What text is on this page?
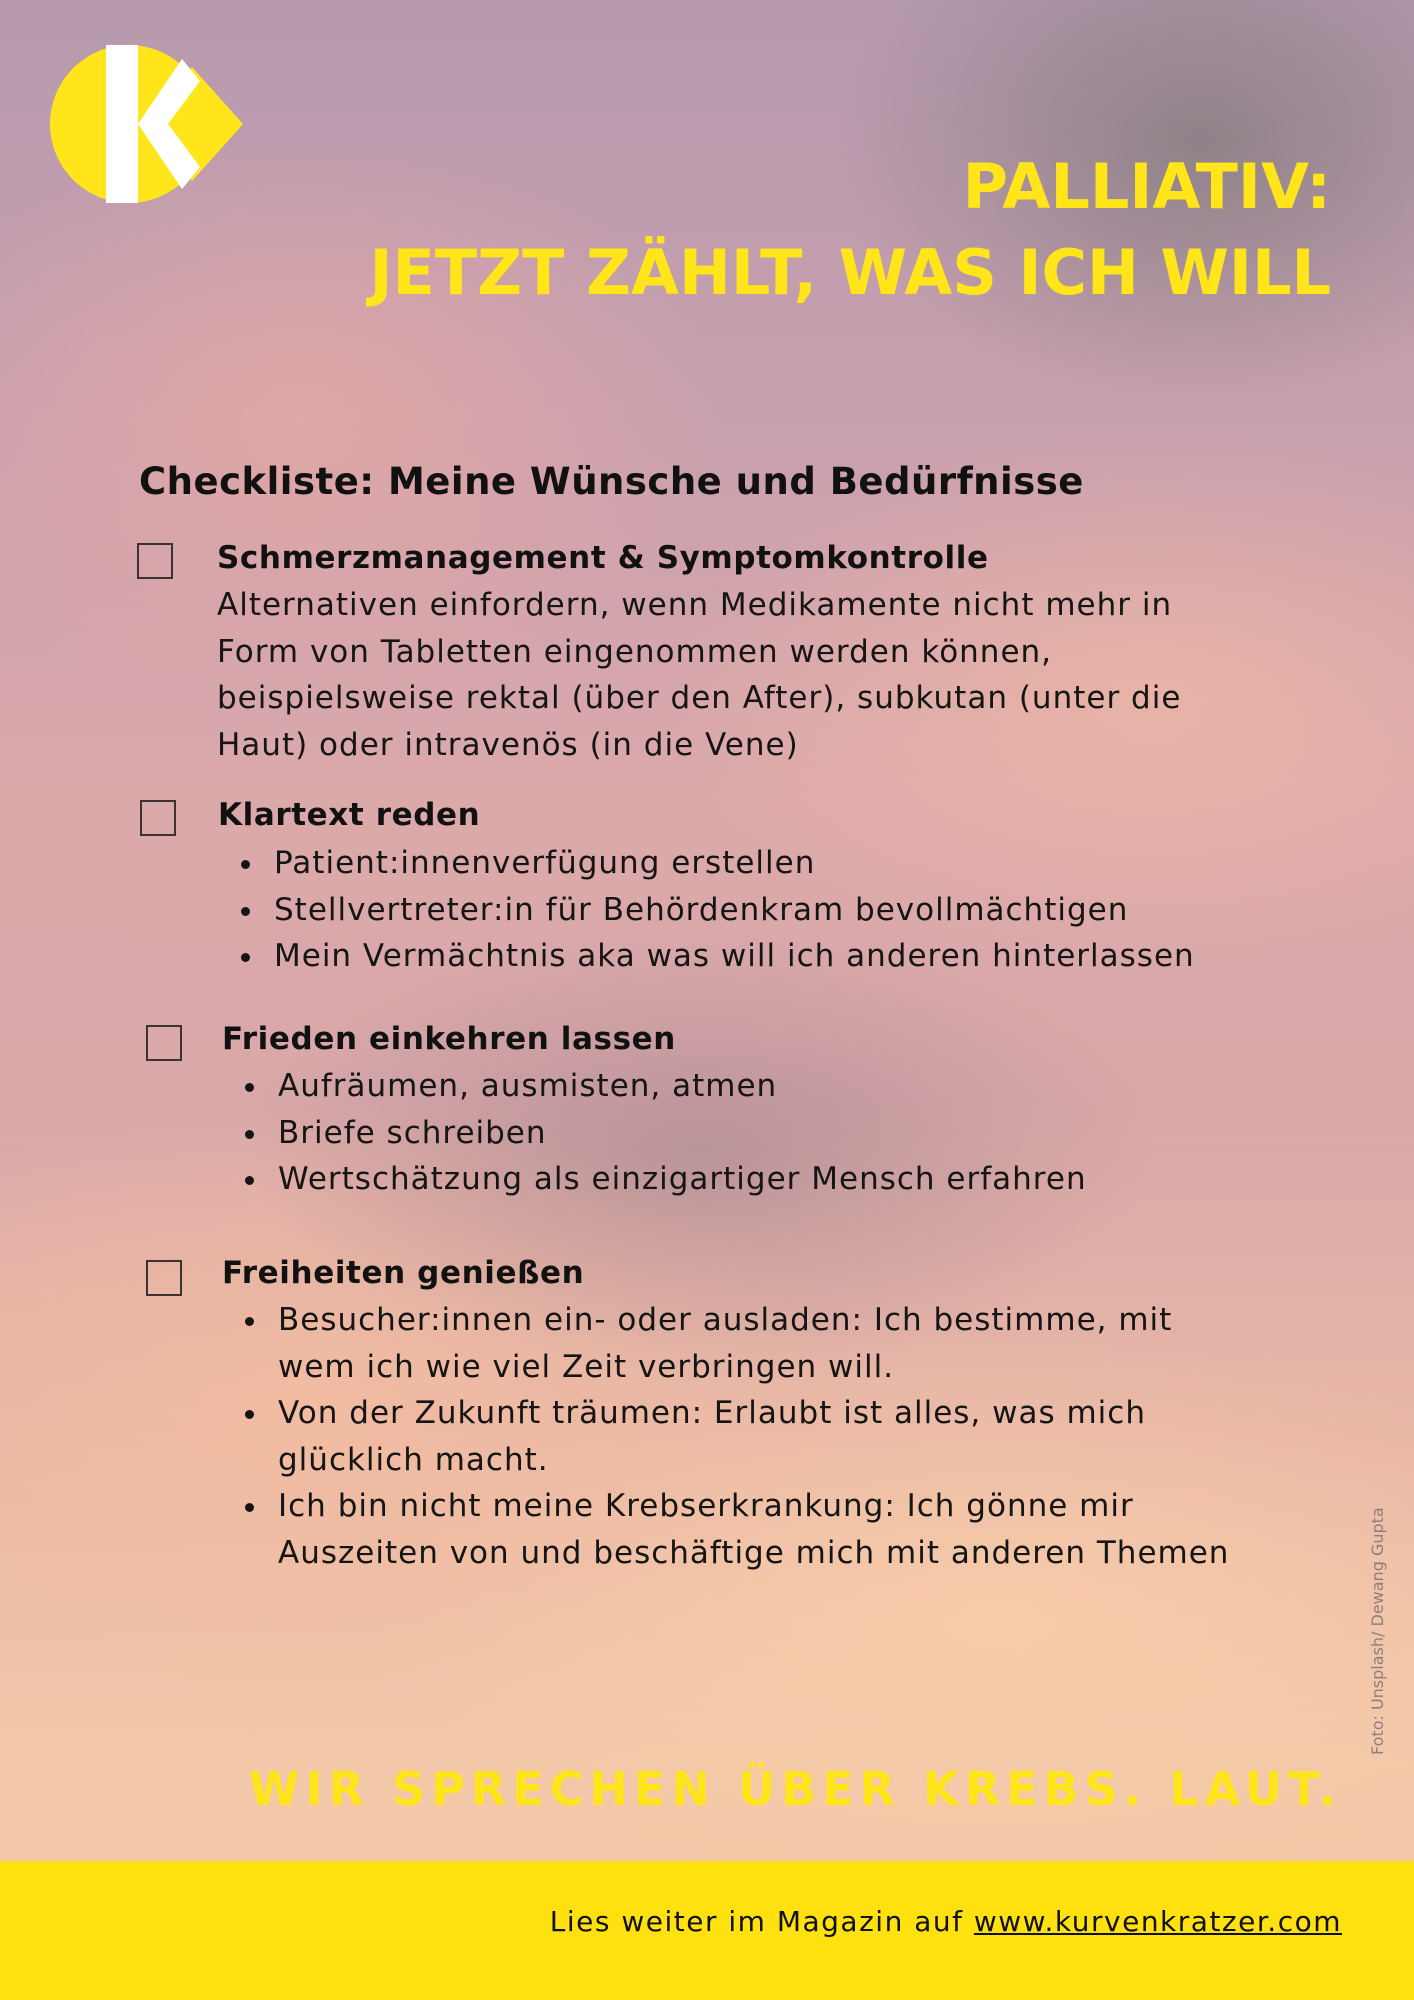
PALLIATIV:
JETZT ZÄHLT, WAS ICH WILL
Checkliste: Meine Wünsche und Bedürfnisse
Schmerzmanagement & Symptomkontrolle
Alternativen einfordern, wenn Medikamente nicht mehr in
Form von Tabletten eingenommen werden können,
beispielsweise rektal (über den After), subkutan (unter die
Haut) oder intravenös (in die Vene)
Klartext reden
Patient:innenverfügung erstellen
Stellvertreter:in für Behördenkram bevollmächtigen
Mein Vermächtnis aka was will ich anderen hinterlassen
Frieden einkehren lassen
Aufräumen, ausmisten, atmen
Briefe schreiben
Wertschätzung als einzigartiger Mensch erfahren
Freiheiten genießen
Besucher:innen ein- oder ausladen: Ich bestimme, mit
wem ich wie viel Zeit verbringen will.
Von der Zukunft träumen: Erlaubt ist alles, was mich
glücklich macht.
Ich bin nicht meine Krebserkrankung: Ich gönne mir
Auszeiten von und beschäftige mich mit anderen Themen	Foto: Unsplash/ Dewang Gupta

WIR SPRECHEN ÜBER KREBS. LAUT.

Lies weiter im Magazin auf www.kurvenkratzer.com
